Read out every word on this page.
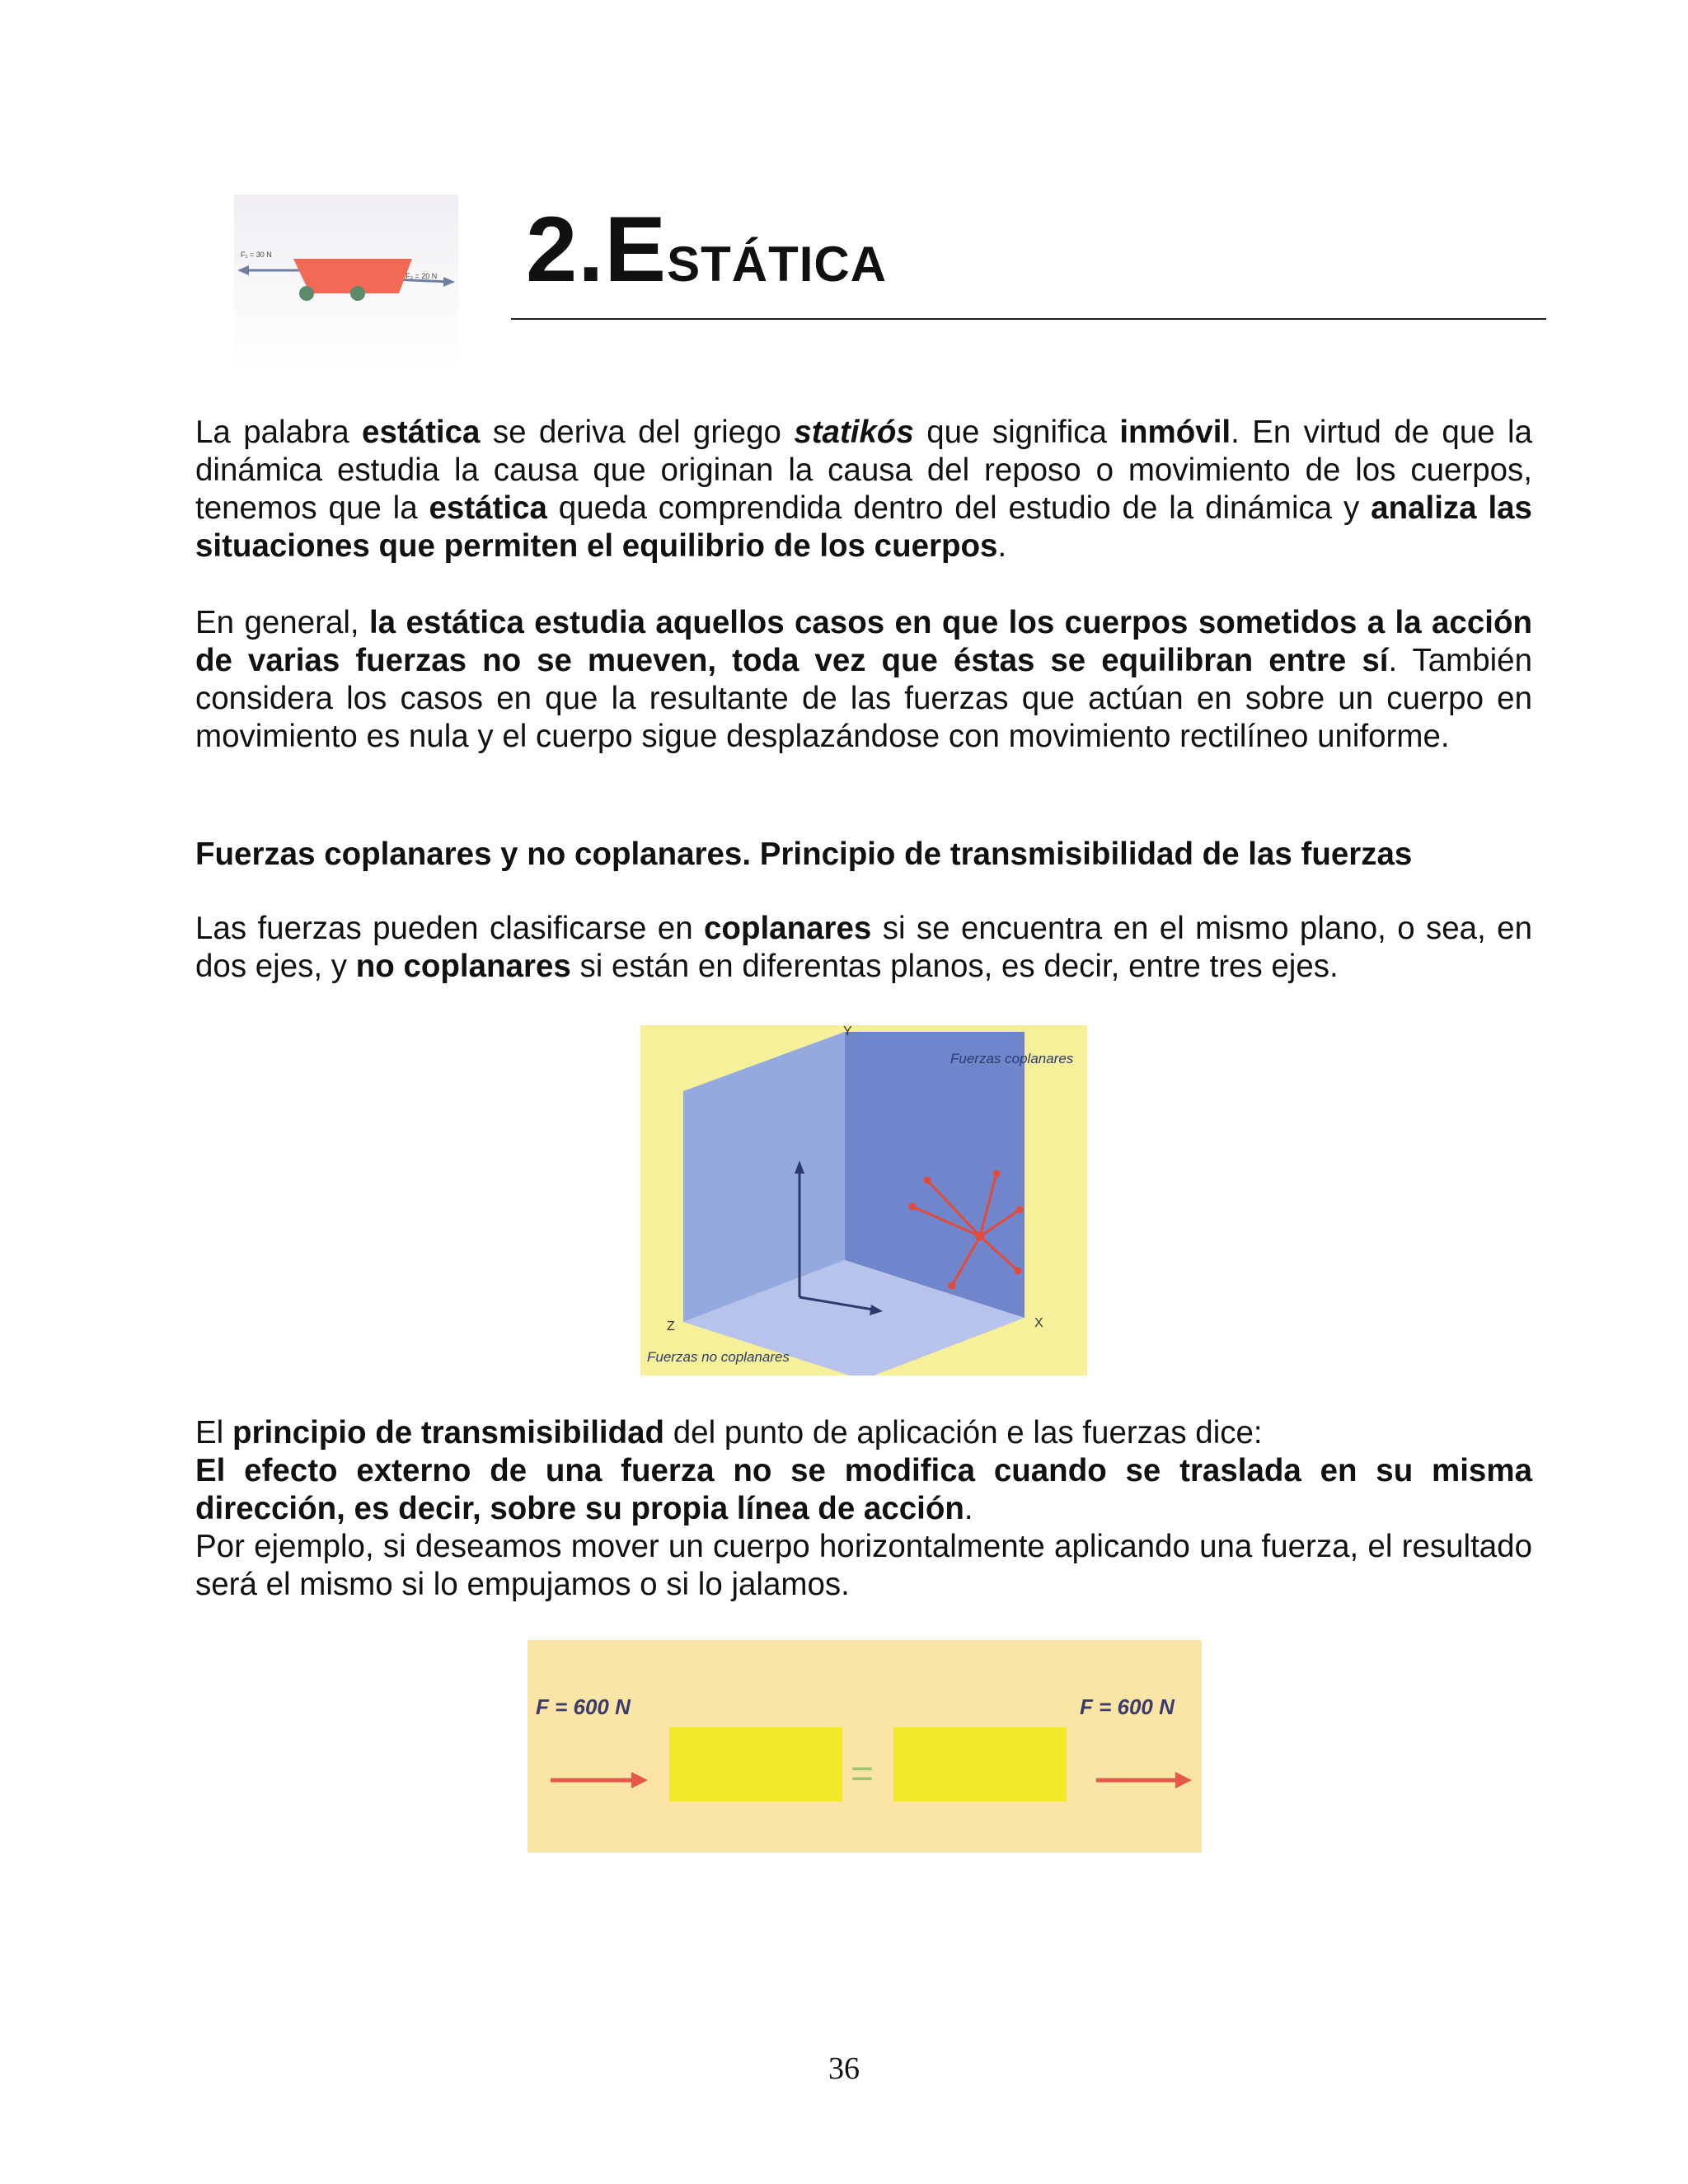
F₁ = 30 N
F₂ = 20 N 2.ESTÁTICA

La palabra estática se deriva del griego statikós que significa inmóvil. En virtud de que la dinámica estudia la causa que originan la causa del reposo o movimiento de los cuerpos, tenemos que la estática queda comprendida dentro del estudio de la dinámica y analiza las situaciones que permiten el equilibrio de los cuerpos.

En general, la estática estudia aquellos casos en que los cuerpos sometidos a la acción de varias fuerzas no se mueven, toda vez que éstas se equilibran entre sí. También considera los casos en que la resultante de las fuerzas que actúan en sobre un cuerpo en movimiento es nula y el cuerpo sigue desplazándose con movimiento rectilíneo uniforme.

Fuerzas coplanares y no coplanares. Principio de transmisibilidad de las fuerzas

Las fuerzas pueden clasificarse en coplanares si se encuentra en el mismo plano, o sea, en dos ejes, y no coplanares si están en diferentas planos, es decir, entre tres ejes.

Y
X
Z
Fuerzas coplanares
Fuerzas no coplanares

El principio de transmisibilidad del punto de aplicación e las fuerzas dice:
El efecto externo de una fuerza no se modifica cuando se traslada en su misma dirección, es decir, sobre su propia línea de acción.
Por ejemplo, si deseamos mover un cuerpo horizontalmente aplicando una fuerza, el resultado será el mismo si lo empujamos o si lo jalamos.

F = 600 N	F = 600 N
=
36
